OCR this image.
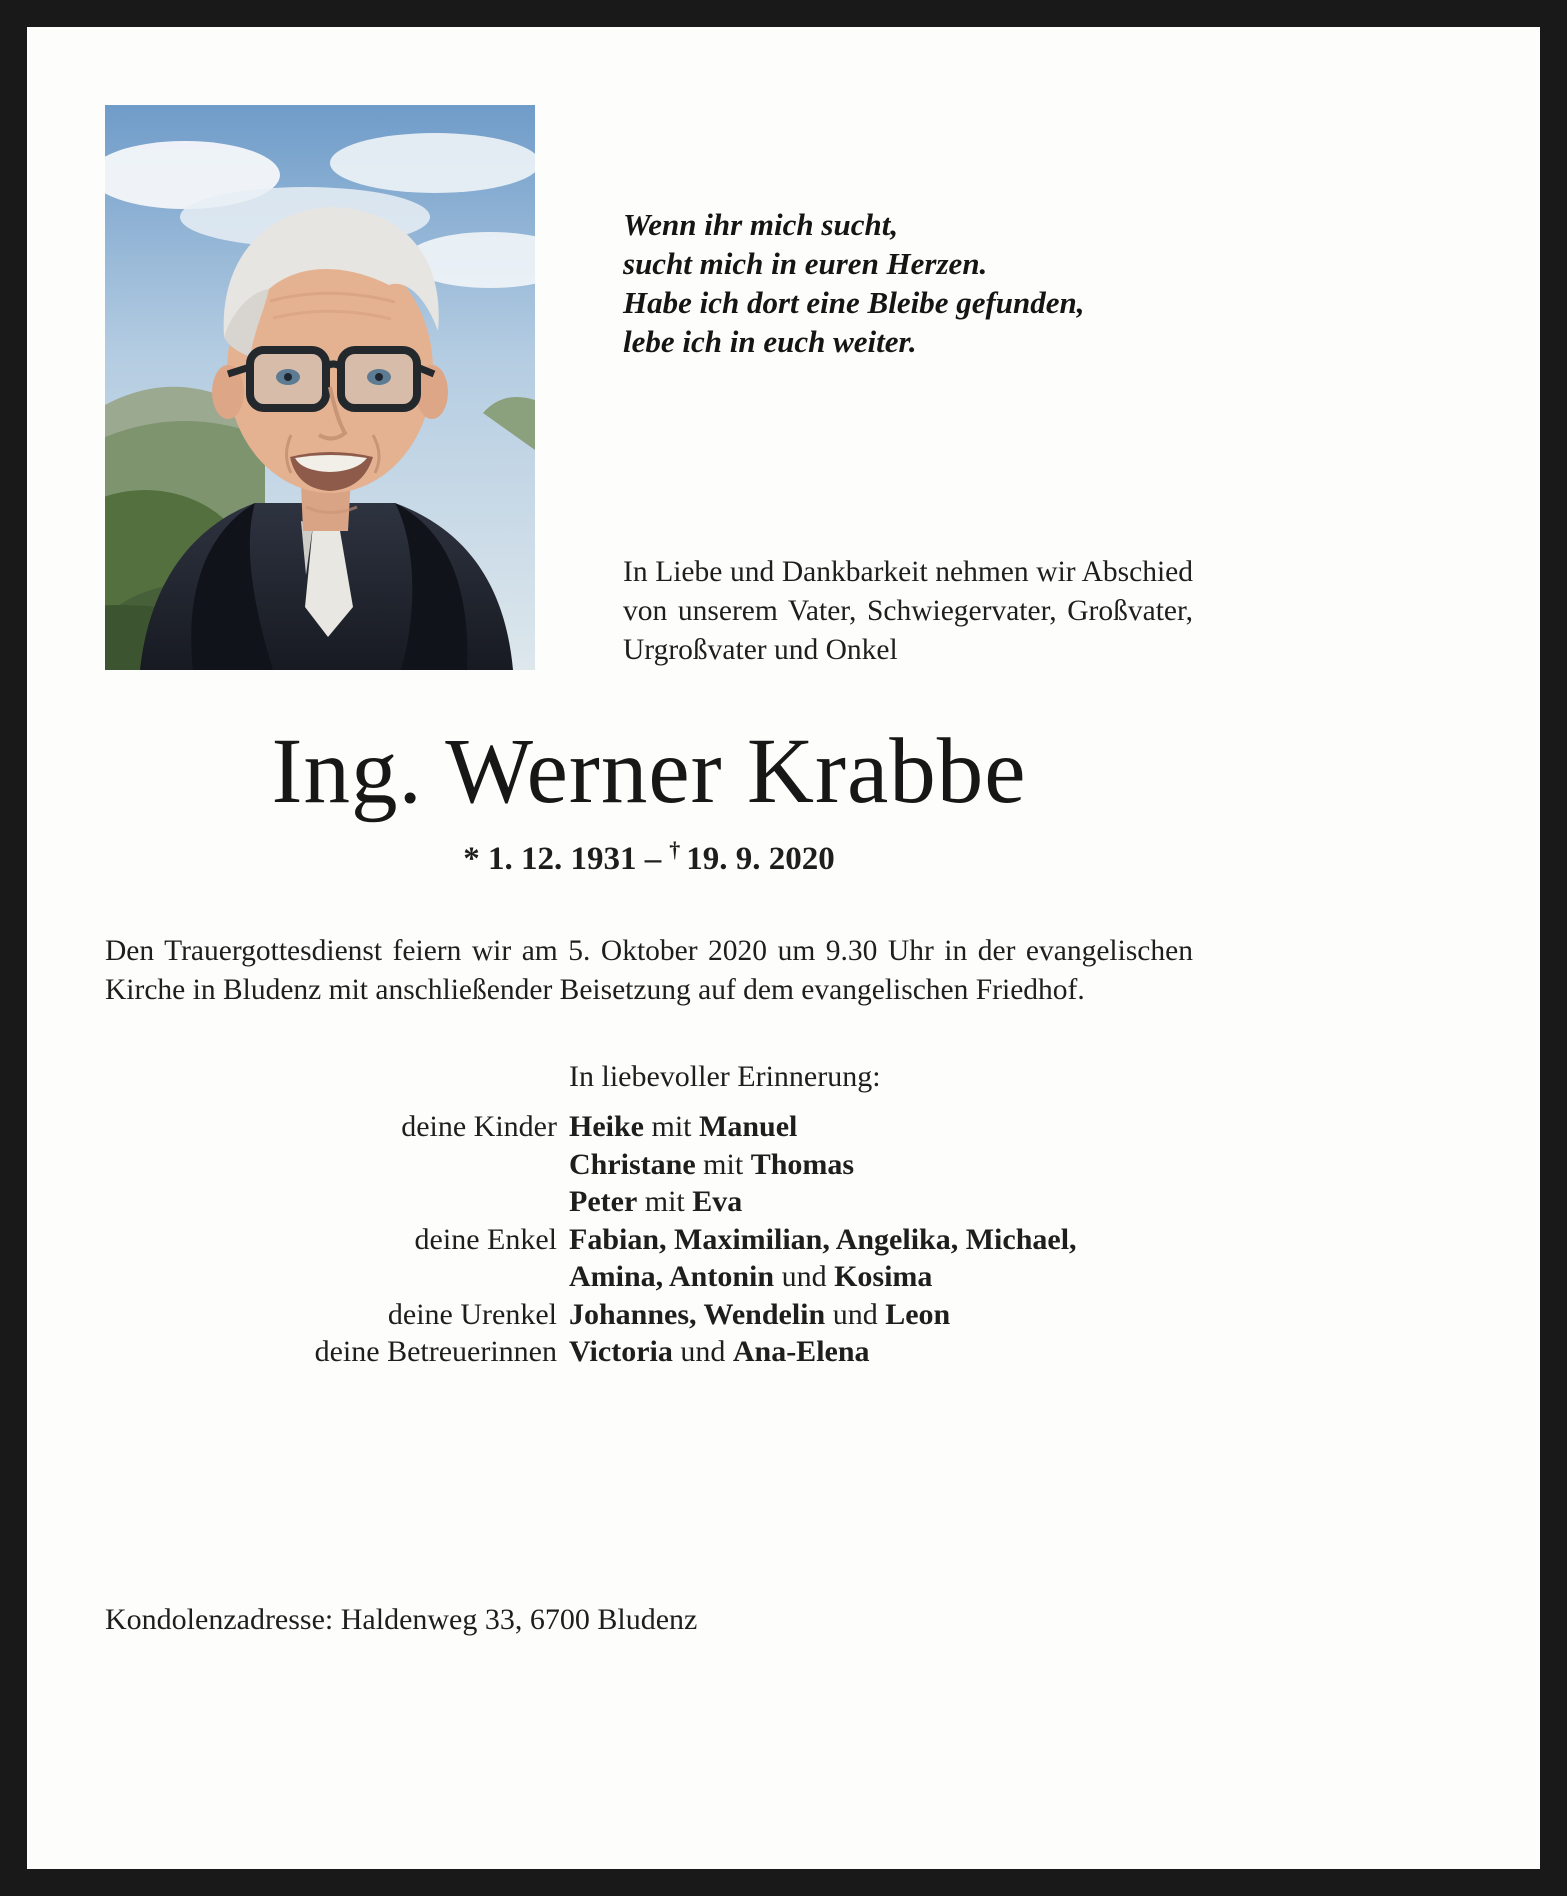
Wenn ihr mich sucht,
sucht mich in euren Herzen.
Habe ich dort eine Bleibe gefunden,
lebe ich in euch weiter.
In Liebe und Dankbarkeit nehmen wir Abschied von unserem Vater, Schwiegervater, Großvater, Urgroßvater und Onkel
Ing. Werner Krabbe
* 1. 12. 1931 – † 19. 9. 2020
Den Trauergottesdienst feiern wir am 5. Oktober 2020 um 9.30 Uhr in der evangelischen Kirche in Bludenz mit anschließender Beisetzung auf dem evangelischen Friedhof.
In liebevoller Erinnerung:
deine Kinder Heike mit Manuel
Christane mit Thomas
Peter mit Eva
deine Enkel Fabian, Maximilian, Angelika, Michael,
Amina, Antonin und Kosima
deine Urenkel Johannes, Wendelin und Leon
deine Betreuerinnen Victoria und Ana-Elena
Kondolenzadresse: Haldenweg 33, 6700 Bludenz
